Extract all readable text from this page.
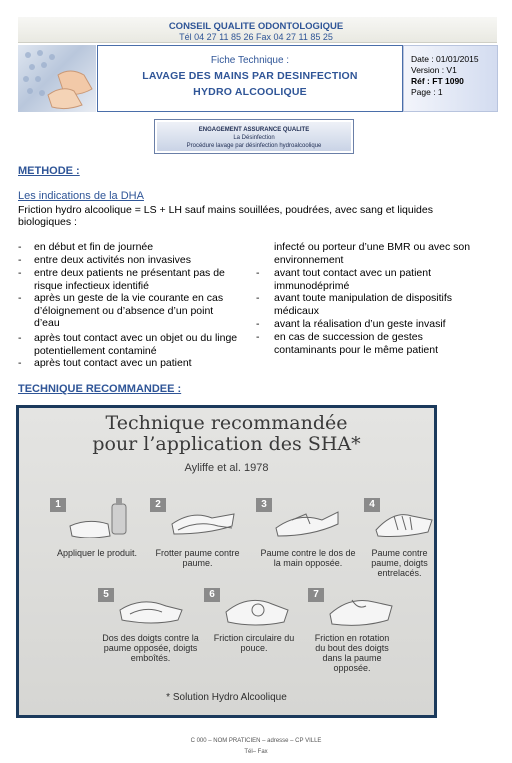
CONSEIL QUALITE ODONTOLOGIQUE
Tél 04 27 11 85 26 Fax 04 27 11 85 25
Fiche Technique :
LAVAGE DES MAINS PAR DESINFECTION
HYDRO ALCOOLIQUE
Date : 01/01/2015
Version : V1
Réf : FT 1090
Page : 1
ENGAGEMENT ASSURANCE QUALITE
La Désinfection
Procédure lavage par désinfection hydroalcoolique
METHODE :
Les indications de la DHA
Friction hydro alcoolique = LS + LH sauf mains souillées, poudrées, avec sang et liquides biologiques :
- en début et fin de journée
- entre deux activités non invasives
- entre deux patients ne présentant pas de risque infectieux identifié
- après un geste de la vie courante en cas d’éloignement ou d’absence d’un point d’eau
- après tout contact avec un objet ou du linge potentiellement contaminé
- après tout contact avec un patient
infecté ou porteur d’une BMR ou avec son environnement
- avant tout contact avec un patient immunodéprimé
- avant toute manipulation de dispositifs médicaux
- avant la réalisation d’un geste invasif
- en cas de succession de gestes contaminants pour le même patient
TECHNIQUE RECOMMANDEE :
Technique recommandée
pour l’application des SHA*
Ayliffe et al. 1978
1
Appliquer le produit.
2
Frotter paume contre paume.
3
Paume contre le dos de la main opposée.
4
Paume contre paume, doigts entrelacés.
5
Dos des doigts contre la paume opposée, doigts emboîtés.
6
Friction circulaire du pouce.
7
Friction en rotation du bout des doigts dans la paume opposée.
* Solution Hydro Alcoolique
C 000 – NOM PRATICIEN – adresse – CP VILLE
Tél– Fax
